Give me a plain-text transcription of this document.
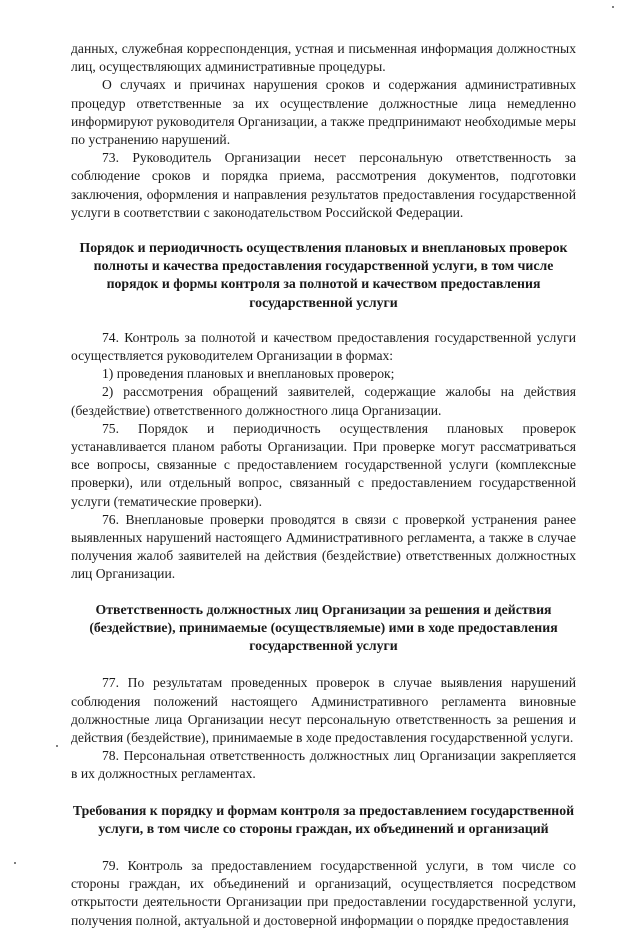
данных, служебная корреспонденция, устная и письменная информация должностных лиц, осуществляющих административные процедуры.

О случаях и причинах нарушения сроков и содержания административных процедур ответственные за их осуществление должностные лица немедленно информируют руководителя Организации, а также предпринимают необходимые меры по устранению нарушений.

73. Руководитель Организации несет персональную ответственность за соблюдение сроков и порядка приема, рассмотрения документов, подготовки заключения, оформления и направления результатов предоставления государственной услуги в соответствии с законодательством Российской Федерации.

Порядок и периодичность осуществления плановых и внеплановых проверок полноты и качества предоставления государственной услуги, в том числе порядок и формы контроля за полнотой и качеством предоставления государственной услуги

74. Контроль за полнотой и качеством предоставления государственной услуги осуществляется руководителем Организации в формах:

1) проведения плановых и внеплановых проверок;

2) рассмотрения обращений заявителей, содержащие жалобы на действия (бездействие) ответственного должностного лица Организации.

75. Порядок и периодичность осуществления плановых проверок устанавливается планом работы Организации. При проверке могут рассматриваться все вопросы, связанные с предоставлением государственной услуги (комплексные проверки), или отдельный вопрос, связанный с предоставлением государственной услуги (тематические проверки).

76. Внеплановые проверки проводятся в связи с проверкой устранения ранее выявленных нарушений настоящего Административного регламента, а также в случае получения жалоб заявителей на действия (бездействие) ответственных должностных лиц Организации.

Ответственность должностных лиц Организации за решения и действия (бездействие), принимаемые (осуществляемые) ими в ходе предоставления государственной услуги

77. По результатам проведенных проверок в случае выявления нарушений соблюдения положений настоящего Административного регламента виновные должностные лица Организации несут персональную ответственность за решения и действия (бездействие), принимаемые в ходе предоставления государственной услуги.

78. Персональная ответственность должностных лиц Организации закрепляется в их должностных регламентах.

Требования к порядку и формам контроля за предоставлением государственной услуги, в том числе со стороны граждан, их объединений и организаций

79. Контроль за предоставлением государственной услуги, в том числе со стороны граждан, их объединений и организаций, осуществляется посредством открытости деятельности Организации при предоставлении государственной услуги, получения полной, актуальной и достоверной информации о порядке предоставления
